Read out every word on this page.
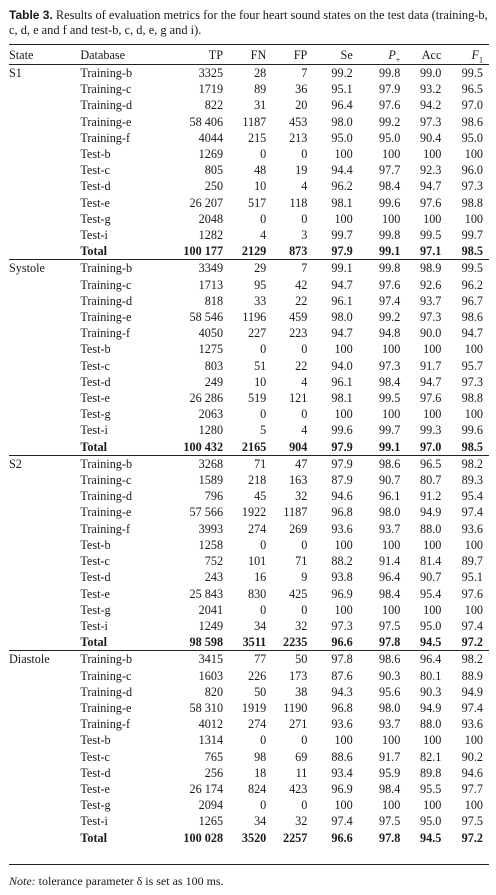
Table 3. Results of evaluation metrics for the four heart sound states on the test data (training-b, c, d, e and f and test-b, c, d, e, g and i).
State	Database	TP	FN	FP	Se	$P_+$	Acc	$F_1$
S1	Training-b	3325	28	7	99.2	99.8	99.0	99.5
	Training-c	1719	89	36	95.1	97.9	93.2	96.5
	Training-d	822	31	20	96.4	97.6	94.2	97.0
	Training-e	58 406	1187	453	98.0	99.2	97.3	98.6
	Training-f	4044	215	213	95.0	95.0	90.4	95.0
	Test-b	1269	0	0	100	100	100	100
	Test-c	805	48	19	94.4	97.7	92.3	96.0
	Test-d	250	10	4	96.2	98.4	94.7	97.3
	Test-e	26 207	517	118	98.1	99.6	97.6	98.8
	Test-g	2048	0	0	100	100	100	100
	Test-i	1282	4	3	99.7	99.8	99.5	99.7
	Total	100 177	2129	873	97.9	99.1	97.1	98.5
Systole	Training-b	3349	29	7	99.1	99.8	98.9	99.5
	Training-c	1713	95	42	94.7	97.6	92.6	96.2
	Training-d	818	33	22	96.1	97.4	93.7	96.7
	Training-e	58 546	1196	459	98.0	99.2	97.3	98.6
	Training-f	4050	227	223	94.7	94.8	90.0	94.7
	Test-b	1275	0	0	100	100	100	100
	Test-c	803	51	22	94.0	97.3	91.7	95.7
	Test-d	249	10	4	96.1	98.4	94.7	97.3
	Test-e	26 286	519	121	98.1	99.5	97.6	98.8
	Test-g	2063	0	0	100	100	100	100
	Test-i	1280	5	4	99.6	99.7	99.3	99.6
	Total	100 432	2165	904	97.9	99.1	97.0	98.5
S2	Training-b	3268	71	47	97.9	98.6	96.5	98.2
	Training-c	1589	218	163	87.9	90.7	80.7	89.3
	Training-d	796	45	32	94.6	96.1	91.2	95.4
	Training-e	57 566	1922	1187	96.8	98.0	94.9	97.4
	Training-f	3993	274	269	93.6	93.7	88.0	93.6
	Test-b	1258	0	0	100	100	100	100
	Test-c	752	101	71	88.2	91.4	81.4	89.7
	Test-d	243	16	9	93.8	96.4	90.7	95.1
	Test-e	25 843	830	425	96.9	98.4	95.4	97.6
	Test-g	2041	0	0	100	100	100	100
	Test-i	1249	34	32	97.3	97.5	95.0	97.4
	Total	98 598	3511	2235	96.6	97.8	94.5	97.2
Diastole	Training-b	3415	77	50	97.8	98.6	96.4	98.2
	Training-c	1603	226	173	87.6	90.3	80.1	88.9
	Training-d	820	50	38	94.3	95.6	90.3	94.9
	Training-e	58 310	1919	1190	96.8	98.0	94.9	97.4
	Training-f	4012	274	271	93.6	93.7	88.0	93.6
	Test-b	1314	0	0	100	100	100	100
	Test-c	765	98	69	88.6	91.7	82.1	90.2
	Test-d	256	18	11	93.4	95.9	89.8	94.6
	Test-e	26 174	824	423	96.9	98.4	95.5	97.7
	Test-g	2094	0	0	100	100	100	100
	Test-i	1265	34	32	97.4	97.5	95.0	97.5
	Total	100 028	3520	2257	96.6	97.8	94.5	97.2
Note: tolerance parameter δ is set as 100 ms.
